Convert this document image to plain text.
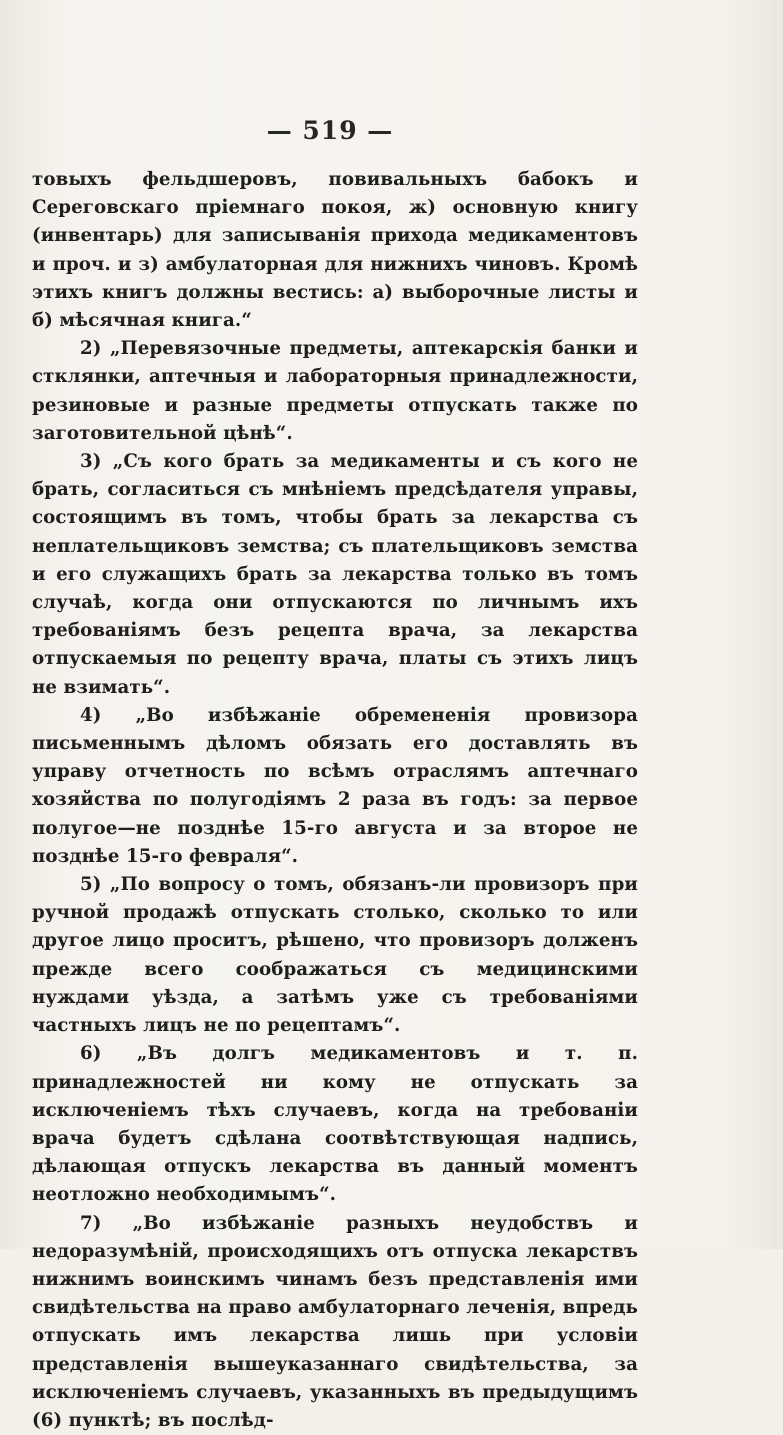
— 519 —

товыхъ фельдшеровъ, повивальныхъ бабокъ и Сереговскаго пріемнаго покоя, ж) основную книгу (инвентарь) для записыванія прихода медикаментовъ и проч. и з) амбулаторная для нижнихъ чиновъ. Кромѣ этихъ книгъ должны вестись: а) выборочные листы и б) мѣсячная книга.“

2) „Перевязочные предметы, аптекарскія банки и стклянки, аптечныя и лабораторныя принадлежности, резиновые и разные предметы отпускать также по заготовительной цѣнѣ“.

3) „Съ кого брать за медикаменты и съ кого не брать, согласиться съ мнѣніемъ предсѣдателя управы, состоящимъ въ томъ, чтобы брать за лекарства съ неплательщиковъ земства; съ плательщиковъ земства и его служащихъ брать за лекарства только въ томъ случаѣ, когда они отпускаются по личнымъ ихъ требованіямъ безъ рецепта врача, за лекарства отпускаемыя по рецепту врача, платы съ этихъ лицъ не взимать“.

4) „Во избѣжаніе обремененія провизора письменнымъ дѣломъ обязать его доставлять въ управу отчетность по всѣмъ отраслямъ аптечнаго хозяйства по полугодіямъ 2 раза въ годъ: за первое полугое—не позднѣе 15-го августа и за второе не позднѣе 15-го февраля“.

5) „По вопросу о томъ, обязанъ-ли провизоръ при ручной продажѣ отпускать столько, сколько то или другое лицо проситъ, рѣшено, что провизоръ долженъ прежде всего соображаться съ медицинскими нуждами уѣзда, а затѣмъ уже съ требованіями частныхъ лицъ не по рецептамъ“.

6) „Въ долгъ медикаментовъ и т. п. принадлежностей ни кому не отпускать за исключеніемъ тѣхъ случаевъ, когда на требованіи врача будетъ сдѣлана соотвѣтствующая надпись, дѣлающая отпускъ лекарства въ данный моментъ неотложно необходимымъ“.

7) „Во избѣжаніе разныхъ неудобствъ и недоразумѣній, происходящихъ отъ отпуска лекарствъ нижнимъ воинскимъ чинамъ безъ представленія ими свидѣтельства на право амбулаторнаго леченія, впредь отпускать имъ лекарства лишь при условіи представленія вышеуказаннаго свидѣтельства, за исключеніемъ случаевъ, указанныхъ въ предыдущимъ (6) пунктѣ; въ послѣд-
